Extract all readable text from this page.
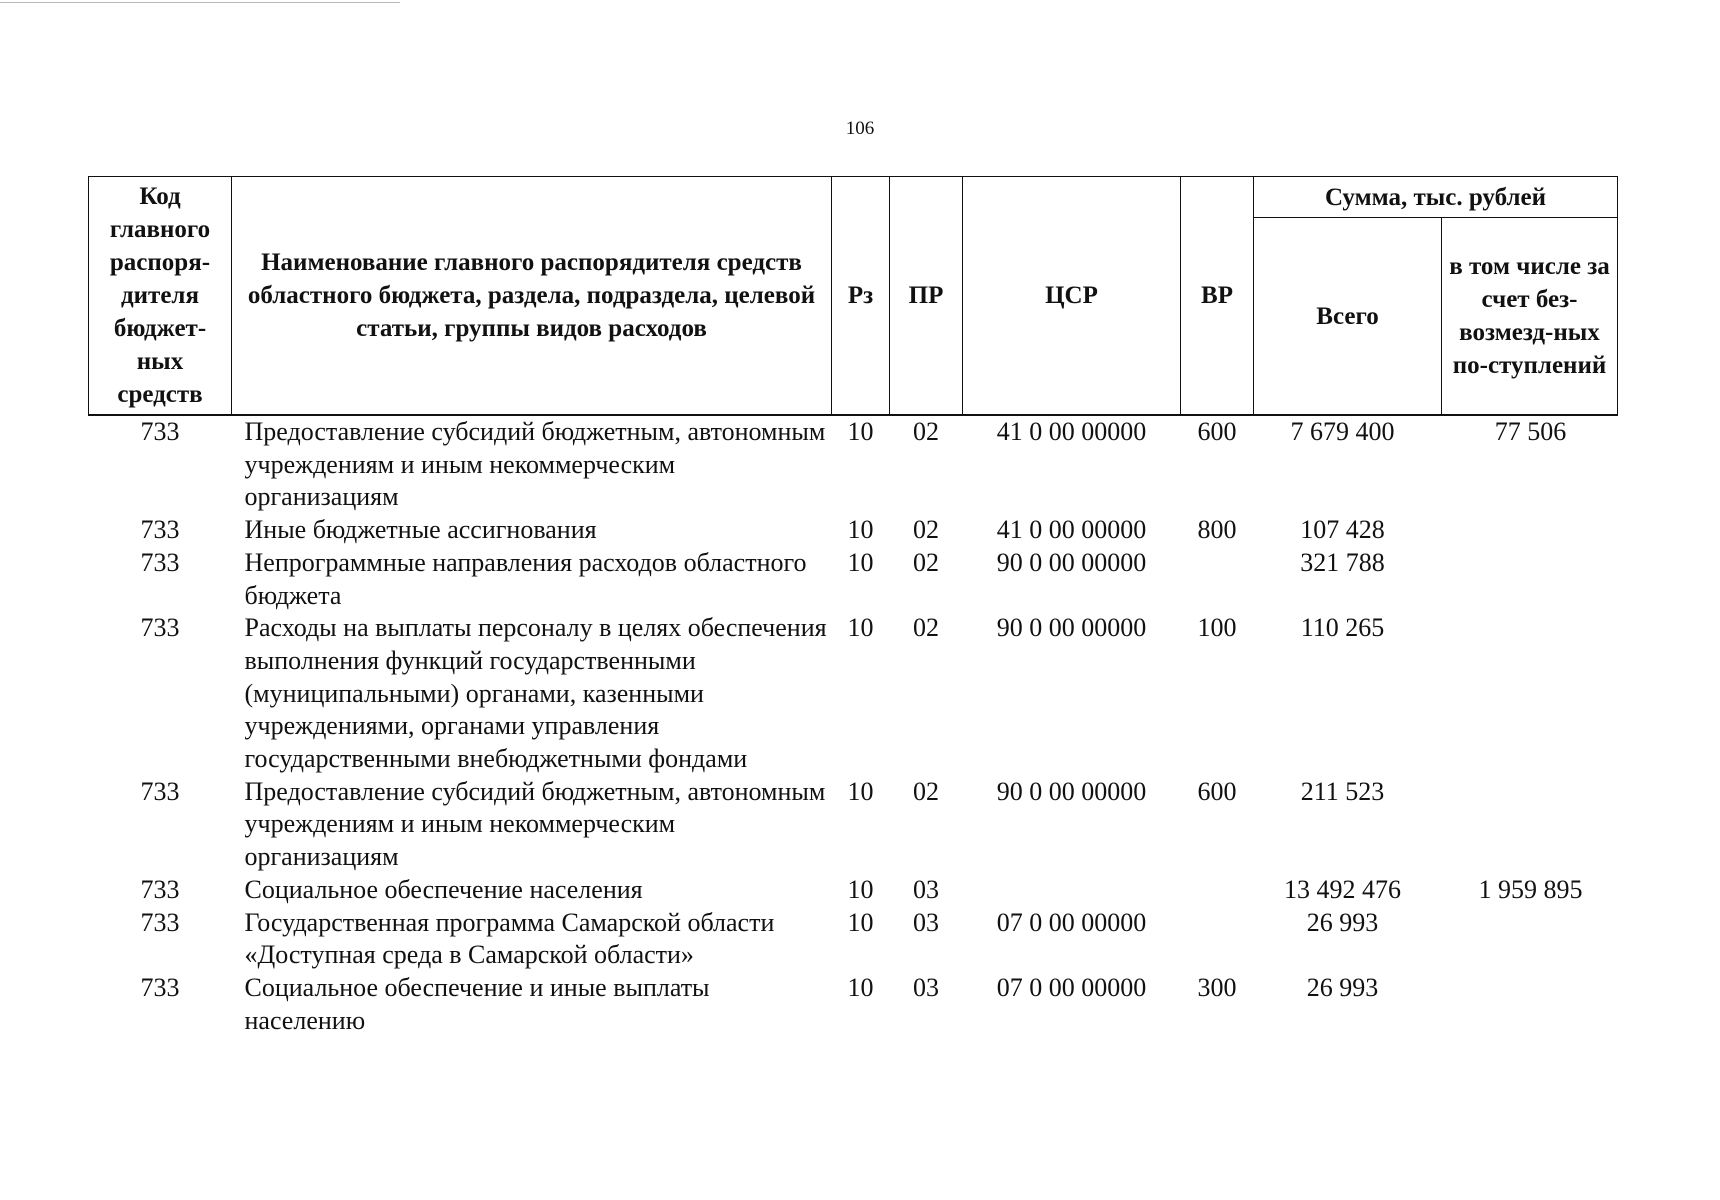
106
Код главного распоря-дителя бюджет-ных средств	Наименование главного распорядителя средств областного бюджета, раздела, подраздела, целевой статьи, группы видов расходов	Рз	ПР	ЦСР	ВР	Сумма, тыс. рублей	
						Всего	в том числе за счет без-возмезд-ных по-ступлений
733	Предоставление субсидий бюджетным, автономным учреждениям и иным некоммерческим организациям	10	02	41 0 00 00000	600	7 679 400	77 506
733	Иные бюджетные ассигнования	10	02	41 0 00 00000	800	107 428	
733	Непрограммные направления расходов областного бюджета	10	02	90 0 00 00000		321 788	
733	Расходы на выплаты персоналу в целях обеспечения выполнения функций государственными (муниципальными) органами, казенными учреждениями, органами управления государственными внебюджетными фондами	10	02	90 0 00 00000	100	110 265	
733	Предоставление субсидий бюджетным, автономным учреждениям и иным некоммерческим организациям	10	02	90 0 00 00000	600	211 523	
733	Социальное обеспечение населения	10	03			13 492 476	1 959 895
733	Государственная программа Самарской области «Доступная среда в Самарской области»	10	03	07 0 00 00000		26 993	
733	Социальное обеспечение и иные выплаты населению	10	03	07 0 00 00000	300	26 993	
